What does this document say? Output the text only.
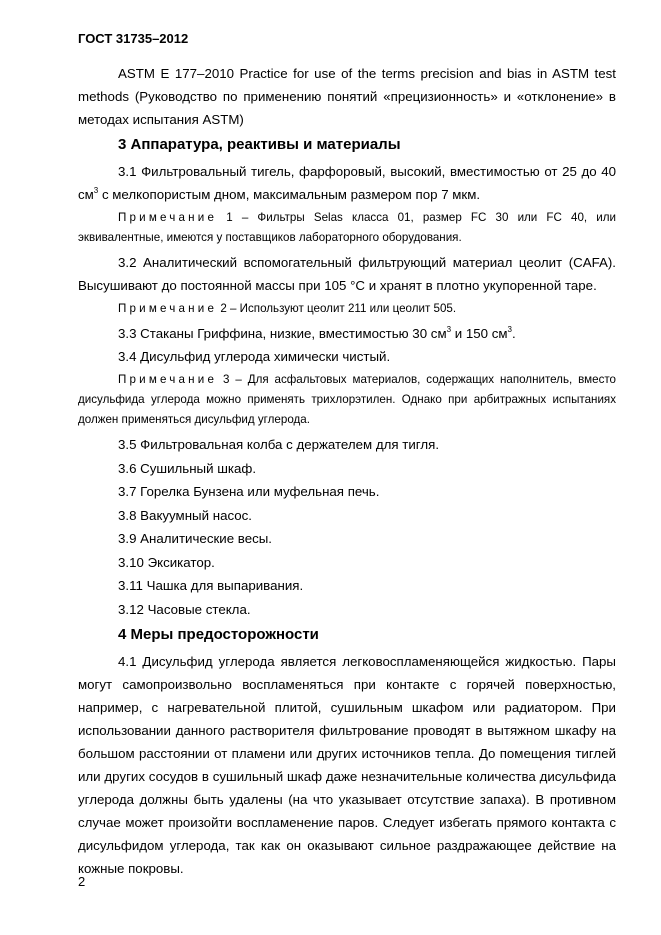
ГОСТ 31735–2012

ASTM E 177–2010 Practice for use of the terms precision and bias in ASTM test methods (Руководство по применению понятий «прецизионность» и «отклонение» в методах испытания ASTM)

3 Аппаратура, реактивы и материалы

3.1 Фильтровальный тигель, фарфоровый, высокий, вместимостью от 25 до 40 $см^3$ с мелкопористым дном, максимальным размером пор 7 мкм.

Примечание 1 – Фильтры Selas класса 01, размер FC 30 или FC 40, или эквивалентные, имеются у поставщиков лабораторного оборудования.

3.2 Аналитический вспомогательный фильтрующий материал цеолит (CAFA). Высушивают до постоянной массы при 105 °С и хранят в плотно укупоренной таре.

Примечание 2 – Используют цеолит 211 или цеолит 505.

3.3 Стаканы Гриффина, низкие, вместимостью 30 $см^3$ и 150 $см^3$.

3.4 Дисульфид углерода химически чистый.

Примечание 3 – Для асфальтовых материалов, содержащих наполнитель, вместо дисульфида углерода можно применять трихлорэтилен. Однако при арбитражных испытаниях должен применяться дисульфид углерода.

3.5 Фильтровальная колба с держателем для тигля.

3.6 Сушильный шкаф.

3.7 Горелка Бунзена или муфельная печь.

3.8 Вакуумный насос.

3.9 Аналитические весы.

3.10 Эксикатор.

3.11 Чашка для выпаривания.

3.12 Часовые стекла.

4 Меры предосторожности

4.1 Дисульфид углерода является легковоспламеняющейся жидкостью. Пары могут самопроизвольно воспламеняться при контакте с горячей поверхностью, например, с нагревательной плитой, сушильным шкафом или радиатором. При использовании данного растворителя фильтрование проводят в вытяжном шкафу на большом расстоянии от пламени или других источников тепла. До помещения тиглей или других сосудов в сушильный шкаф даже незначительные количества дисульфида углерода должны быть удалены (на что указывает отсутствие запаха). В противном случае может произойти воспламенение паров. Следует избегать прямого контакта с дисульфидом углерода, так как он оказывают сильное раздражающее действие на кожные покровы.

2
